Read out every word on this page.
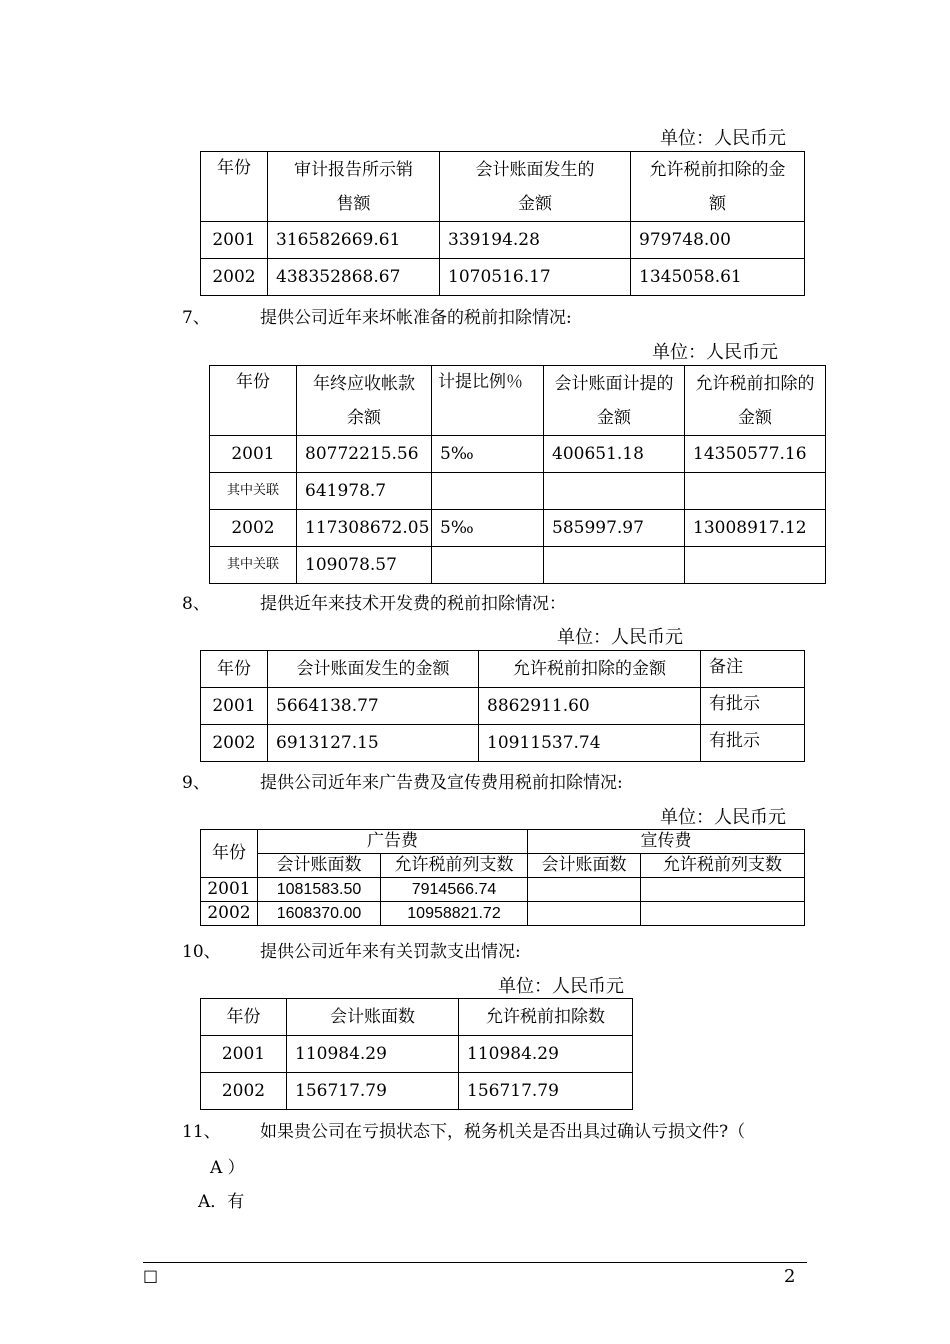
单位：人民币元
年份	审计报告所示销售额	会计账面发生的金额	允许税前扣除的金额
2001	316582669.61	339194.28	979748.00
2002	438352868.67	1070516.17	1345058.61
7、	提供公司近年来坏帐准备的税前扣除情况:
单位：人民币元
年份	年终应收帐款余额	计提比例％	会计账面计提的金额	允许税前扣除的金额
2001	80772215.56	5‰	400651.18	14350577.16
其中关联	641978.7			
2002	117308672.05	5‰	585997.97	13008917.12
其中关联	109078.57			
8、	提供近年来技术开发费的税前扣除情况：
单位：人民币元
年份	会计账面发生的金额	允许税前扣除的金额	备注
2001	5664138.77	8862911.60	有批示
2002	6913127.15	10911537.74	有批示
9、	提供公司近年来广告费及宣传费用税前扣除情况:
单位：人民币元
年份	广告费		宣传费	
	会计账面数	允许税前列支数	会计账面数	允许税前列支数
2001	1081583.50	7914566.74		
2002	1608370.00	10958821.72		
10、 提供公司近年来有关罚款支出情况:
单位：人民币元
年份	会计账面数	允许税前扣除数
2001	110984.29	110984.29
2002	156717.79	156717.79
11、 如果贵公司在亏损状态下，税务机关是否出具过确认亏损文件?（
A ）
A．有
□	2
